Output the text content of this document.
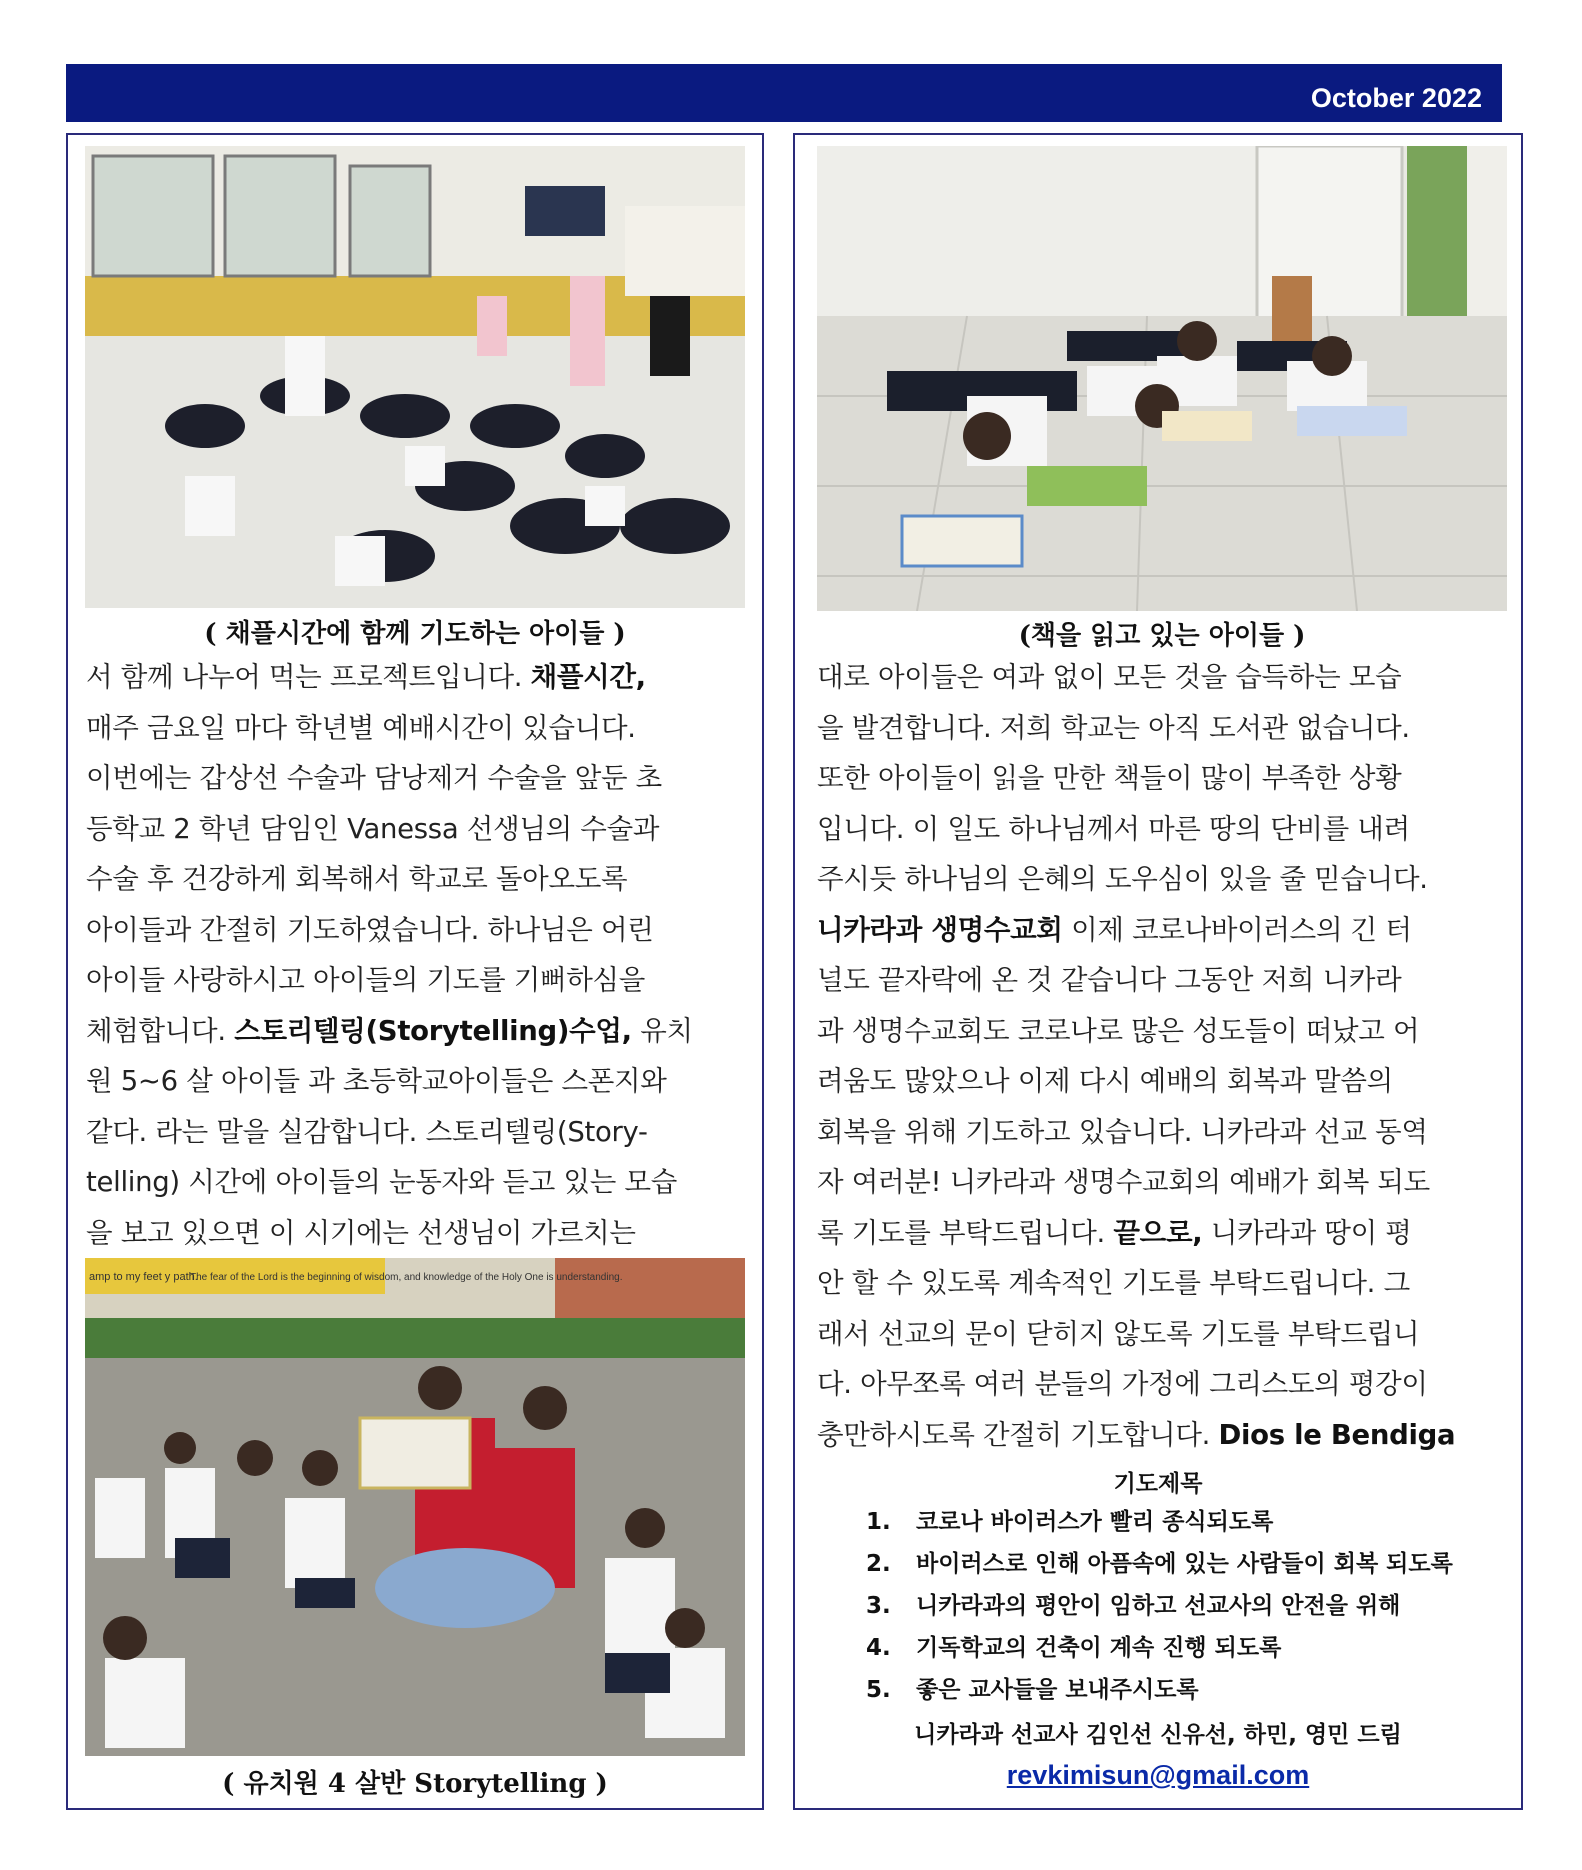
October 2022
( 채플시간에 함께 기도하는 아이들 )
서 함께 나누어 먹는 프로젝트입니다. 채플시간,
매주 금요일 마다 학년별 예배시간이 있습니다.
이번에는 갑상선 수술과 담낭제거 수술을 앞둔 초
등학교 2 학년 담임인 Vanessa 선생님의 수술과
수술 후 건강하게 회복해서 학교로 돌아오도록
아이들과 간절히 기도하였습니다. 하나님은 어린
아이들 사랑하시고 아이들의 기도를 기뻐하심을
체험합니다. 스토리텔링(Storytelling)수업, 유치
원 5~6 살 아이들 과 초등학교아이들은 스폰지와
같다. 라는 말을 실감합니다. 스토리텔링(Story-
telling) 시간에 아이들의 눈동자와 듣고 있는 모습
을 보고 있으면 이 시기에는 선생님이 가르치는
amp to my feet y path.
The fear of the Lord is the beginning of wisdom, and knowledge of the Holy One is understanding.
( 유치원 4 살반 Storytelling )
(책을 읽고 있는 아이들 )
대로 아이들은 여과 없이 모든 것을 습득하는 모습
을 발견합니다. 저희 학교는 아직 도서관 없습니다.
또한 아이들이 읽을 만한 책들이 많이 부족한 상황
입니다. 이 일도 하나님께서 마른 땅의 단비를 내려
주시듯 하나님의 은혜의 도우심이 있을 줄 믿습니다.
니카라과 생명수교회 이제 코로나바이러스의 긴 터
널도 끝자락에 온 것 같습니다 그동안 저희 니카라
과 생명수교회도 코로나로 많은 성도들이 떠났고 어
려움도 많았으나 이제 다시 예배의 회복과 말씀의
회복을 위해 기도하고 있습니다. 니카라과 선교 동역
자 여러분! 니카라과 생명수교회의 예배가 회복 되도
록 기도를 부탁드립니다. 끝으로, 니카라과 땅이 평
안 할 수 있도록 계속적인 기도를 부탁드립니다. 그
래서 선교의 문이 닫히지 않도록 기도를 부탁드립니
다. 아무쪼록 여러 분들의 가정에 그리스도의 평강이
충만하시도록 간절히 기도합니다. Dios le Bendiga
기도제목
1. 코로나 바이러스가 빨리 종식되도록
2. 바이러스로 인해 아픔속에 있는 사람들이 회복 되도록
3. 니카라과의 평안이 임하고 선교사의 안전을 위해
4. 기독학교의 건축이 계속 진행 되도록
5. 좋은 교사들을 보내주시도록
니카라과 선교사 김인선 신유선, 하민, 영민 드림
revkimisun@gmail.com
